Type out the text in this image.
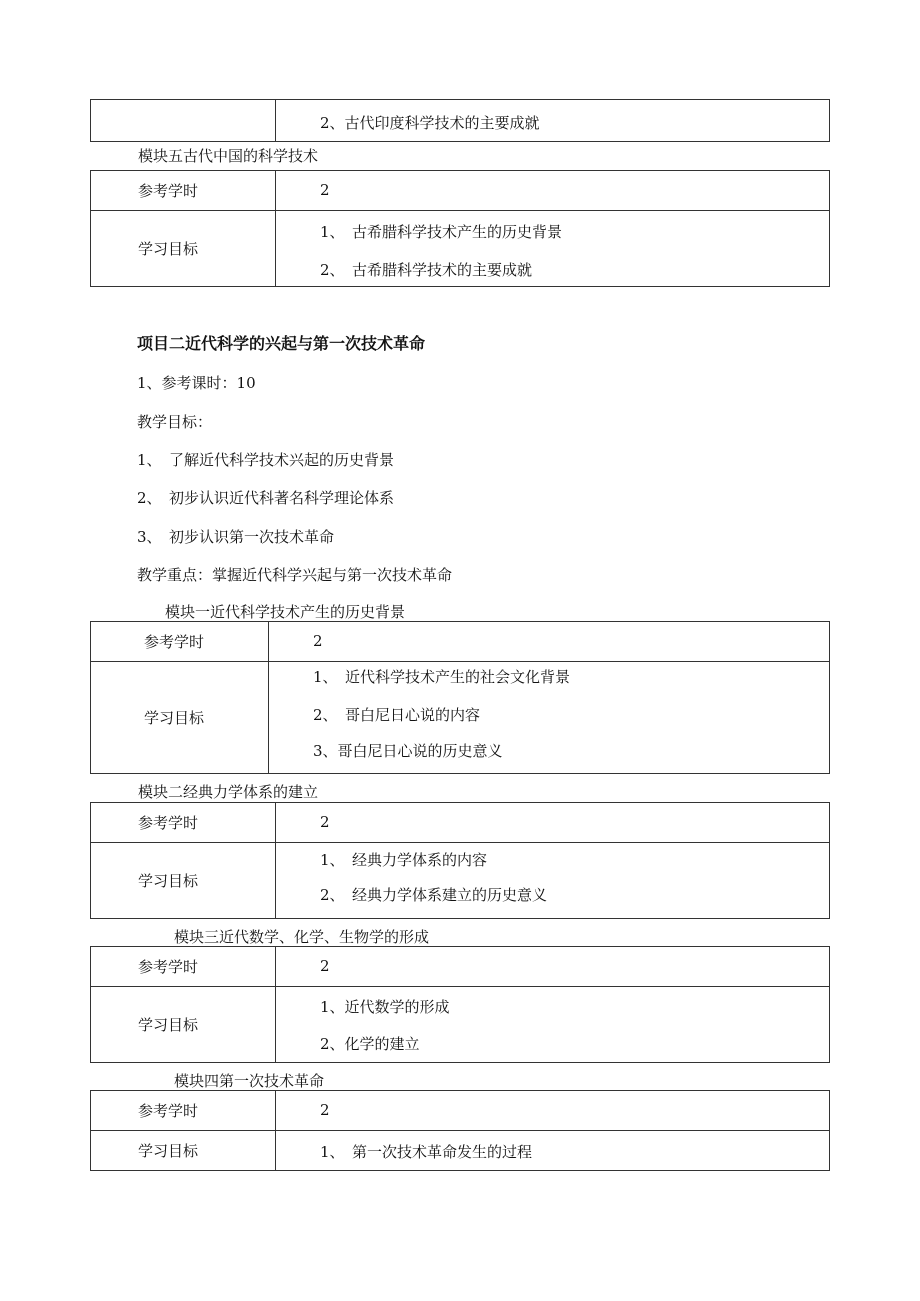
2、古代印度科学技术的主要成就
模块五古代中国的科学技术
参考学时	2

学习目标	1、　古希腊科学技术产生的历史背景
2、　古希腊科学技术的主要成就
项目二近代科学的兴起与第一次技术革命
1、参考课时：10
教学目标：
1、　了解近代科学技术兴起的历史背景
2、　初步认识近代科著名科学理论体系
3、　初步认识第一次技术革命
教学重点：掌握近代科学兴起与第一次技术革命
模块一近代科学技术产生的历史背景
参考学时	2

学习目标	1、　近代科学技术产生的社会文化背景
2、　哥白尼日心说的内容
3、哥白尼日心说的历史意义
模块二经典力学体系的建立
参考学时	2

学习目标	1、　经典力学体系的内容
2、　经典力学体系建立的历史意义
模块三近代数学、化学、生物学的形成
参考学时	2

学习目标	1、近代数学的形成
2、化学的建立
模块四第一次技术革命
参考学时	2

学习目标	1、　第一次技术革命发生的过程
